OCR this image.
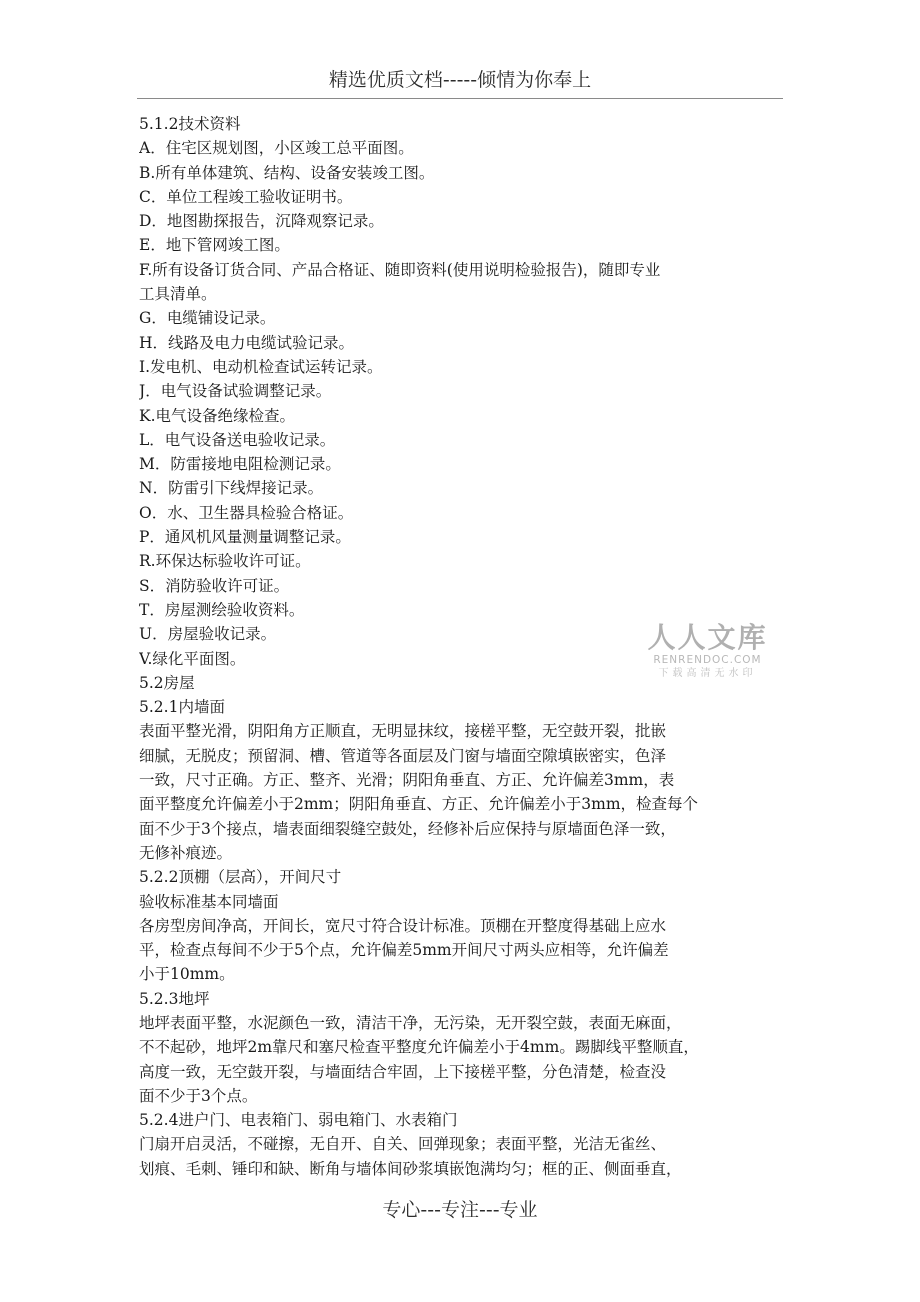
精选优质文档-----倾情为你奉上
5.1.2技术资料
A．住宅区规划图，小区竣工总平面图。
B.所有单体建筑、结构、设备安装竣工图。
C．单位工程竣工验收证明书。
D．地图勘探报告，沉降观察记录。
E．地下管网竣工图。
F.所有设备订货合同、产品合格证、随即资料(使用说明检验报告)，随即专业
工具清单。
G．电缆铺设记录。
H．线路及电力电缆试验记录。
I.发电机、电动机检查试运转记录。
J．电气设备试验调整记录。
K.电气设备绝缘检查。
L．电气设备送电验收记录。
M．防雷接地电阻检测记录。
N．防雷引下线焊接记录。
O．水、卫生器具检验合格证。
P．通风机风量测量调整记录。
R.环保达标验收许可证。
S．消防验收许可证。
T．房屋测绘验收资料。
U．房屋验收记录。
V.绿化平面图。
5.2房屋
5.2.1内墙面
表面平整光滑，阴阳角方正顺直，无明显抹纹，接槎平整，无空鼓开裂，批嵌
细腻，无脱皮；预留洞、槽、管道等各面层及门窗与墙面空隙填嵌密实，色泽
一致，尺寸正确。方正、整齐、光滑；阴阳角垂直、方正、允许偏差3mm，表
面平整度允许偏差小于2mm；阴阳角垂直、方正、允许偏差小于3mm，检查每个
面不少于3个接点，墙表面细裂缝空鼓处，经修补后应保持与原墙面色泽一致，
无修补痕迹。
5.2.2顶棚（层高），开间尺寸
验收标准基本同墙面
各房型房间净高，开间长，宽尺寸符合设计标准。顶棚在开整度得基础上应水
平，检查点每间不少于5个点，允许偏差5mm开间尺寸两头应相等，允许偏差
小于10mm。
5.2.3地坪
地坪表面平整，水泥颜色一致，清洁干净，无污染，无开裂空鼓，表面无麻面，
不不起砂，地坪2m靠尺和塞尺检查平整度允许偏差小于4mm。踢脚线平整顺直，
高度一致，无空鼓开裂，与墙面结合牢固，上下接槎平整，分色清楚，检查没
面不少于3个点。
5.2.4进户门、电表箱门、弱电箱门、水表箱门
门扇开启灵活，不碰擦，无自开、自关、回弹现象；表面平整，光洁无雀丝、
划痕、毛刺、锤印和缺、断角与墙体间砂浆填嵌饱满均匀；框的正、侧面垂直，
人人文库
RENRENDOC.COM
下载高清无水印
专心---专注---专业
